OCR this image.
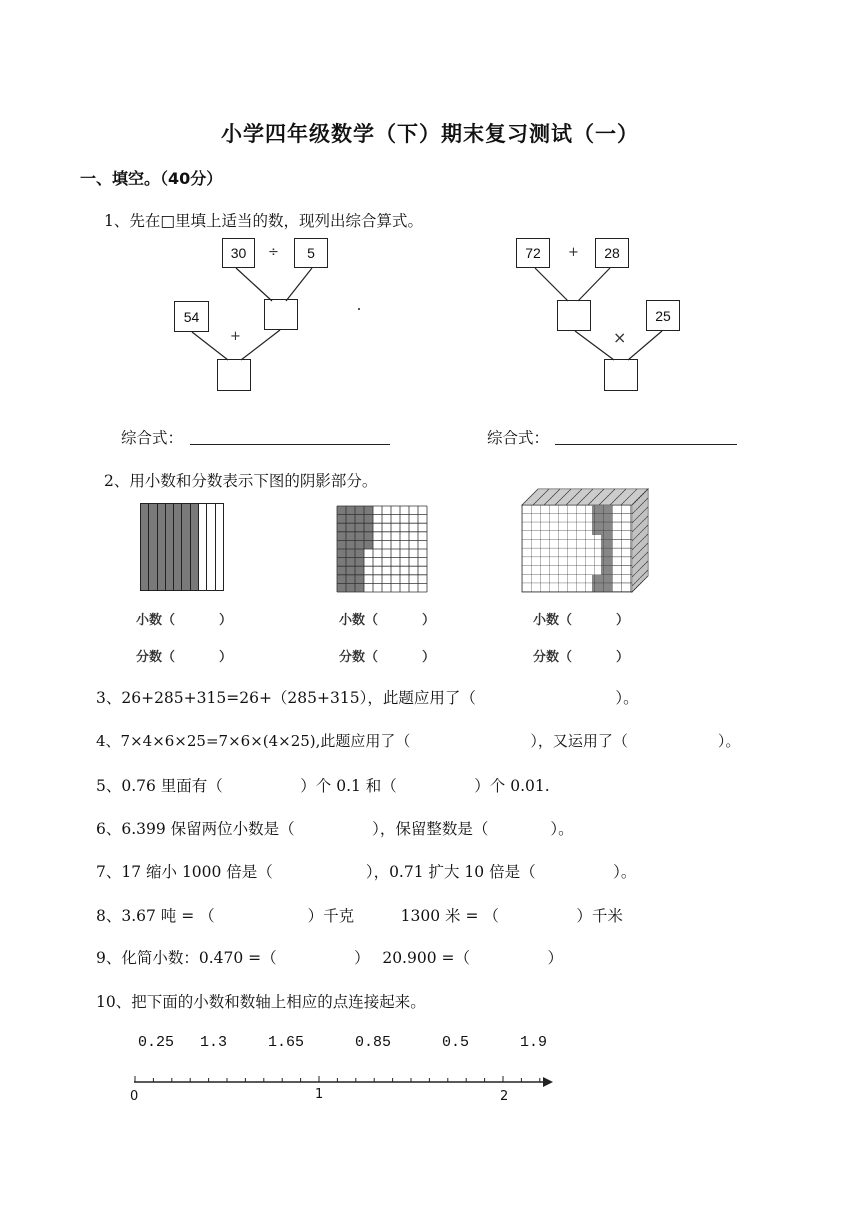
小学四年级数学（下）期末复习测试（一）
一、填空。（40分）
1、先在□里填上适当的数，现列出综合算式。
30	÷	5
54
+
72	+	28
25
×
综合式：	综合式：
2、用小数和分数表示下图的阴影部分。
小数（	）
分数（	）
小数（	）
分数（	）
小数（	）
分数（	）
3、26+285+315=26+（285+315），此题应用了（　　　　　　　　　）。
4、7×4×6×25=7×6×(4×25),此题应用了（　　　　　　　　），又运用了（　　　　　　）。
5、0.76 里面有（　　　　　）个 0.1 和（　　　　　）个 0.01.
6、6.399 保留两位小数是（　　　　　），保留整数是（　　　　）。
7、17 缩小 1000 倍是（　　　　　　），0.71 扩大 10 倍是（　　　　　）。
8、3.67 吨 = （　　　　　　）千克　　　1300 米 = （　　　　　）千米
9、化简小数：0.470 =（　　　　　）　 20.900 =（　　　　　）
10、把下面的小数和数轴上相应的点连接起来。
0.25 1.3	1.65	0.85	0.5	1.9
0	1	2
